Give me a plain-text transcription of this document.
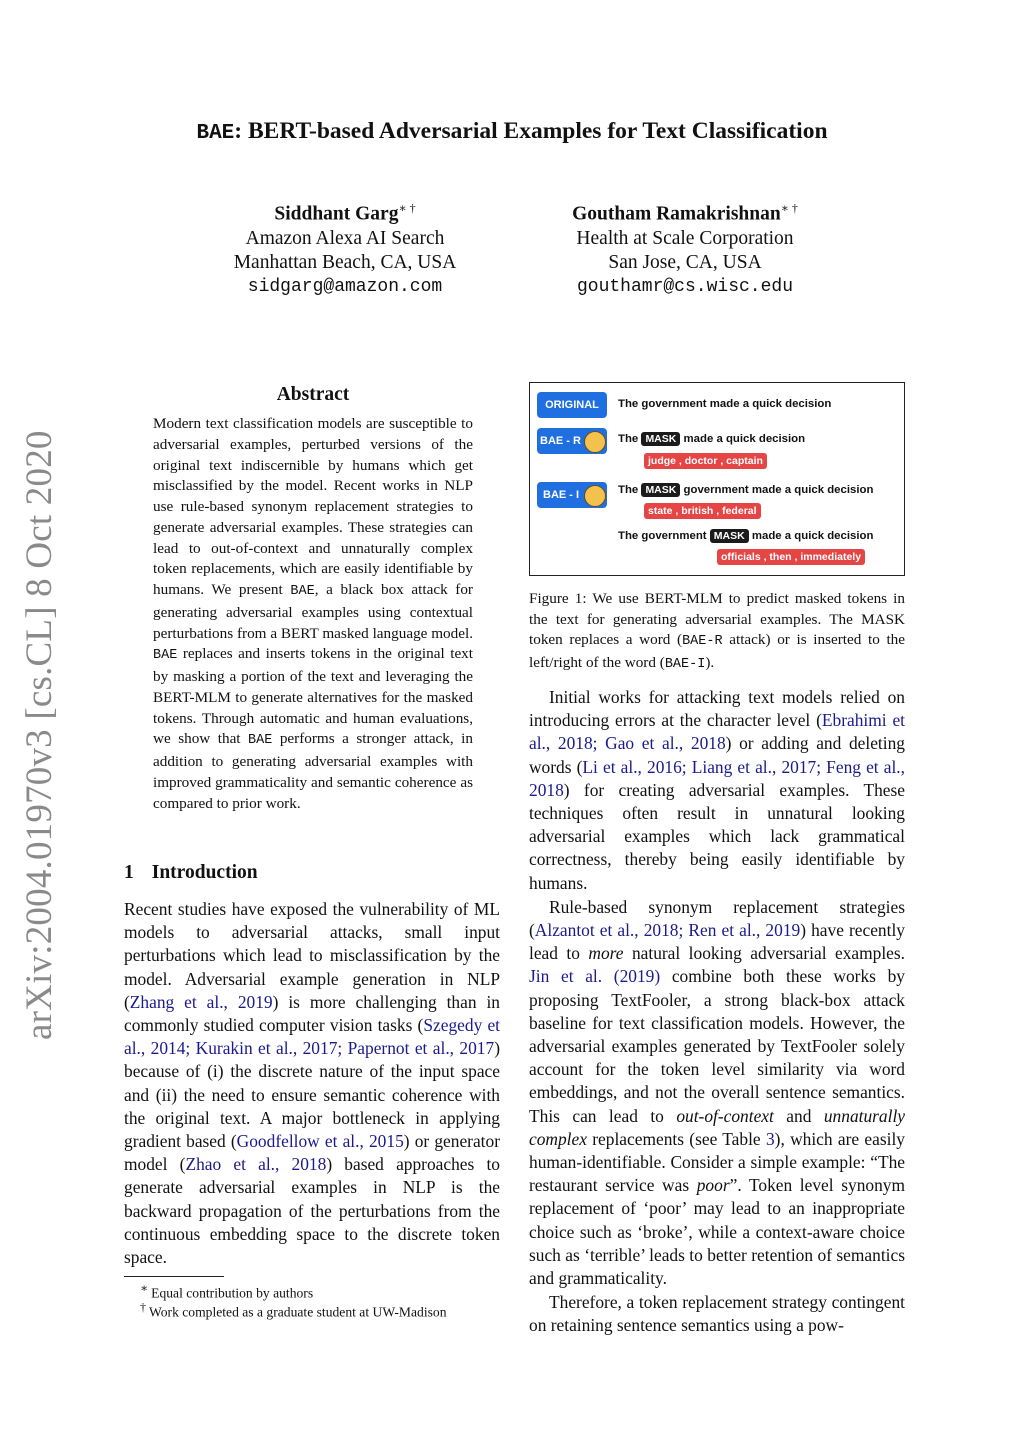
arXiv:2004.01970v3 [cs.CL] 8 Oct 2020
BAE: BERT-based Adversarial Examples for Text Classification
Siddhant Garg∗ †
Amazon Alexa AI Search
Manhattan Beach, CA, USA
sidgarg@amazon.com
Goutham Ramakrishnan∗ †
Health at Scale Corporation
San Jose, CA, USA
gouthamr@cs.wisc.edu
Abstract
Modern text classification models are susceptible to adversarial examples, perturbed versions of the original text indiscernible by humans which get misclassified by the model. Recent works in NLP use rule-based synonym replacement strategies to generate adversarial examples. These strategies can lead to out-of-context and unnaturally complex token replacements, which are easily identifiable by humans. We present BAE, a black box attack for generating adversarial examples using contextual perturbations from a BERT masked language model. BAE replaces and inserts tokens in the original text by masking a portion of the text and leveraging the BERT-MLM to generate alternatives for the masked tokens. Through automatic and human evaluations, we show that BAE performs a stronger attack, in addition to generating adversarial examples with improved grammaticality and semantic coherence as compared to prior work.
1 Introduction

Recent studies have exposed the vulnerability of ML models to adversarial attacks, small input perturbations which lead to misclassification by the model. Adversarial example generation in NLP (Zhang et al., 2019) is more challenging than in commonly studied computer vision tasks (Szegedy et al., 2014; Kurakin et al., 2017; Papernot et al., 2017) because of (i) the discrete nature of the input space and (ii) the need to ensure semantic coherence with the original text. A major bottleneck in applying gradient based (Goodfellow et al., 2015) or generator model (Zhao et al., 2018) based approaches to generate adversarial examples in NLP is the backward propagation of the perturbations from the continuous embedding space to the discrete token space.

∗ Equal contribution by authors
† Work completed as a graduate student at UW-Madison
ORIGINAL	The government made a quick decision
BAE - R	The MASK made a quick decision
judge , doctor , captain
BAE - I	The MASK government made a quick decision
state , british , federal
The government MASK made a quick decision
officials , then , immediately
Figure 1: We use BERT-MLM to predict masked tokens in the text for generating adversarial examples. The MASK token replaces a word (BAE-R attack) or is inserted to the left/right of the word (BAE-I).

Initial works for attacking text models relied on introducing errors at the character level (Ebrahimi et al., 2018; Gao et al., 2018) or adding and deleting words (Li et al., 2016; Liang et al., 2017; Feng et al., 2018) for creating adversarial examples. These techniques often result in unnatural looking adversarial examples which lack grammatical correctness, thereby being easily identifiable by humans.

Rule-based synonym replacement strategies (Alzantot et al., 2018; Ren et al., 2019) have recently lead to more natural looking adversarial examples. Jin et al. (2019) combine both these works by proposing TextFooler, a strong black-box attack baseline for text classification models. However, the adversarial examples generated by TextFooler solely account for the token level similarity via word embeddings, and not the overall sentence semantics. This can lead to out-of-context and unnaturally complex replacements (see Table 3), which are easily human-identifiable. Consider a simple example: “The restaurant service was poor”. Token level synonym replacement of ‘poor’ may lead to an inappropriate choice such as ‘broke’, while a context-aware choice such as ‘terrible’ leads to better retention of semantics and grammaticality.

Therefore, a token replacement strategy contingent on retaining sentence semantics using a pow-
